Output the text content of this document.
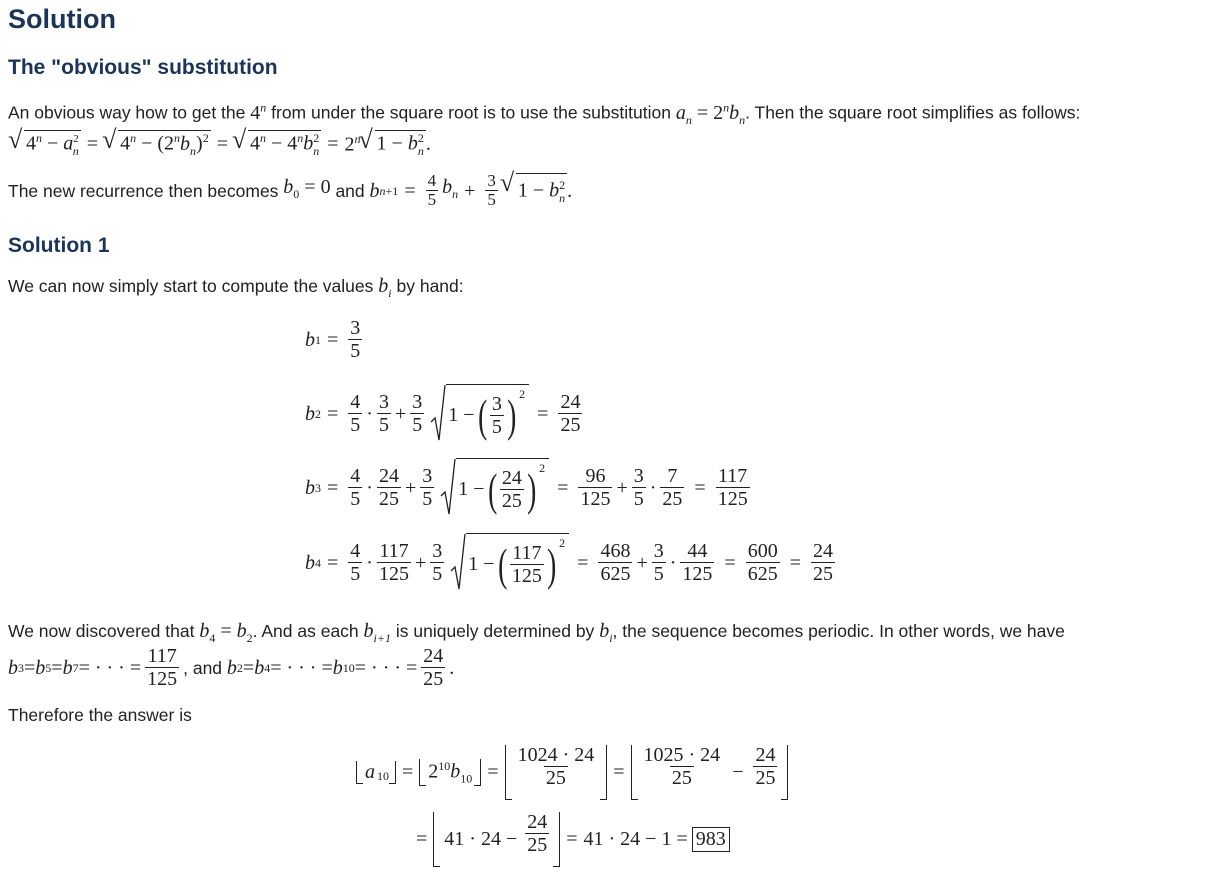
Solution
The "obvious" substitution
An obvious way how to get the 4$^n$ from under the square root is to use the substitution $a_n = 2^nb_n$. Then the square root simplifies as follows:
√ $4^n - a^2_n$ =	√ $4^n - (2^nb_n)^2$ =	√ $4^n - 4^nb^2_n = 2^n$ √ $1 - b^2_n$ .
The new recurrence then becomes
$b_0 = 0$
and
b $n+1 = \frac{4}{5} b_n + \frac{3}{5}$	√ $1 - b^2_n$ .
Solution 1
We can now simply start to compute the values $b_i$ by hand:
b $1 = \frac{3}{5}$
b $2 = \frac{4}{5} \cdot \frac{3}{5} + \frac{3}{5} 1$ − ( $\frac{3}{5}$ ) $^2$
= $\frac{24}{25}$
b $3 = \frac{4}{5} \cdot \frac{24}{25} + \frac{3}{5} 1$ − ( $\frac{24}{25}$ ) $^2$
= $\frac{96}{125} + \frac{3}{5} \cdot \frac{7}{25} = \frac{117}{125}$
b $4 = \frac{4}{5} \cdot \frac{117}{125} + \frac{3}{5} 1$ − ( $\frac{117}{125}$ ) $^2$
= $\frac{468}{625} + \frac{3}{5} \cdot \frac{44}{125} = \frac{600}{625} = \frac{24}{25}$
We now discovered that $b_4 = b_2$. And as each $b_{i+1}$ is uniquely determined by $b_i$, the sequence becomes periodic. In other words, we have
b 3 = b 5 = b 7 = · · · = $\frac{117}{125}$ , and
b 2 = b 4 = · · · = b 10 = · · · = $\frac{24}{25}$ .
Therefore the answer is
$a_{10} = 2^{10}b_{10} = \frac{1024 \cdot 24}{25} = \frac{1025 \cdot 24}{25} - \frac{24}{25}$
= $41 \cdot 24 - \frac{24}{25} = 41 \cdot 24 - 1 = 983$
